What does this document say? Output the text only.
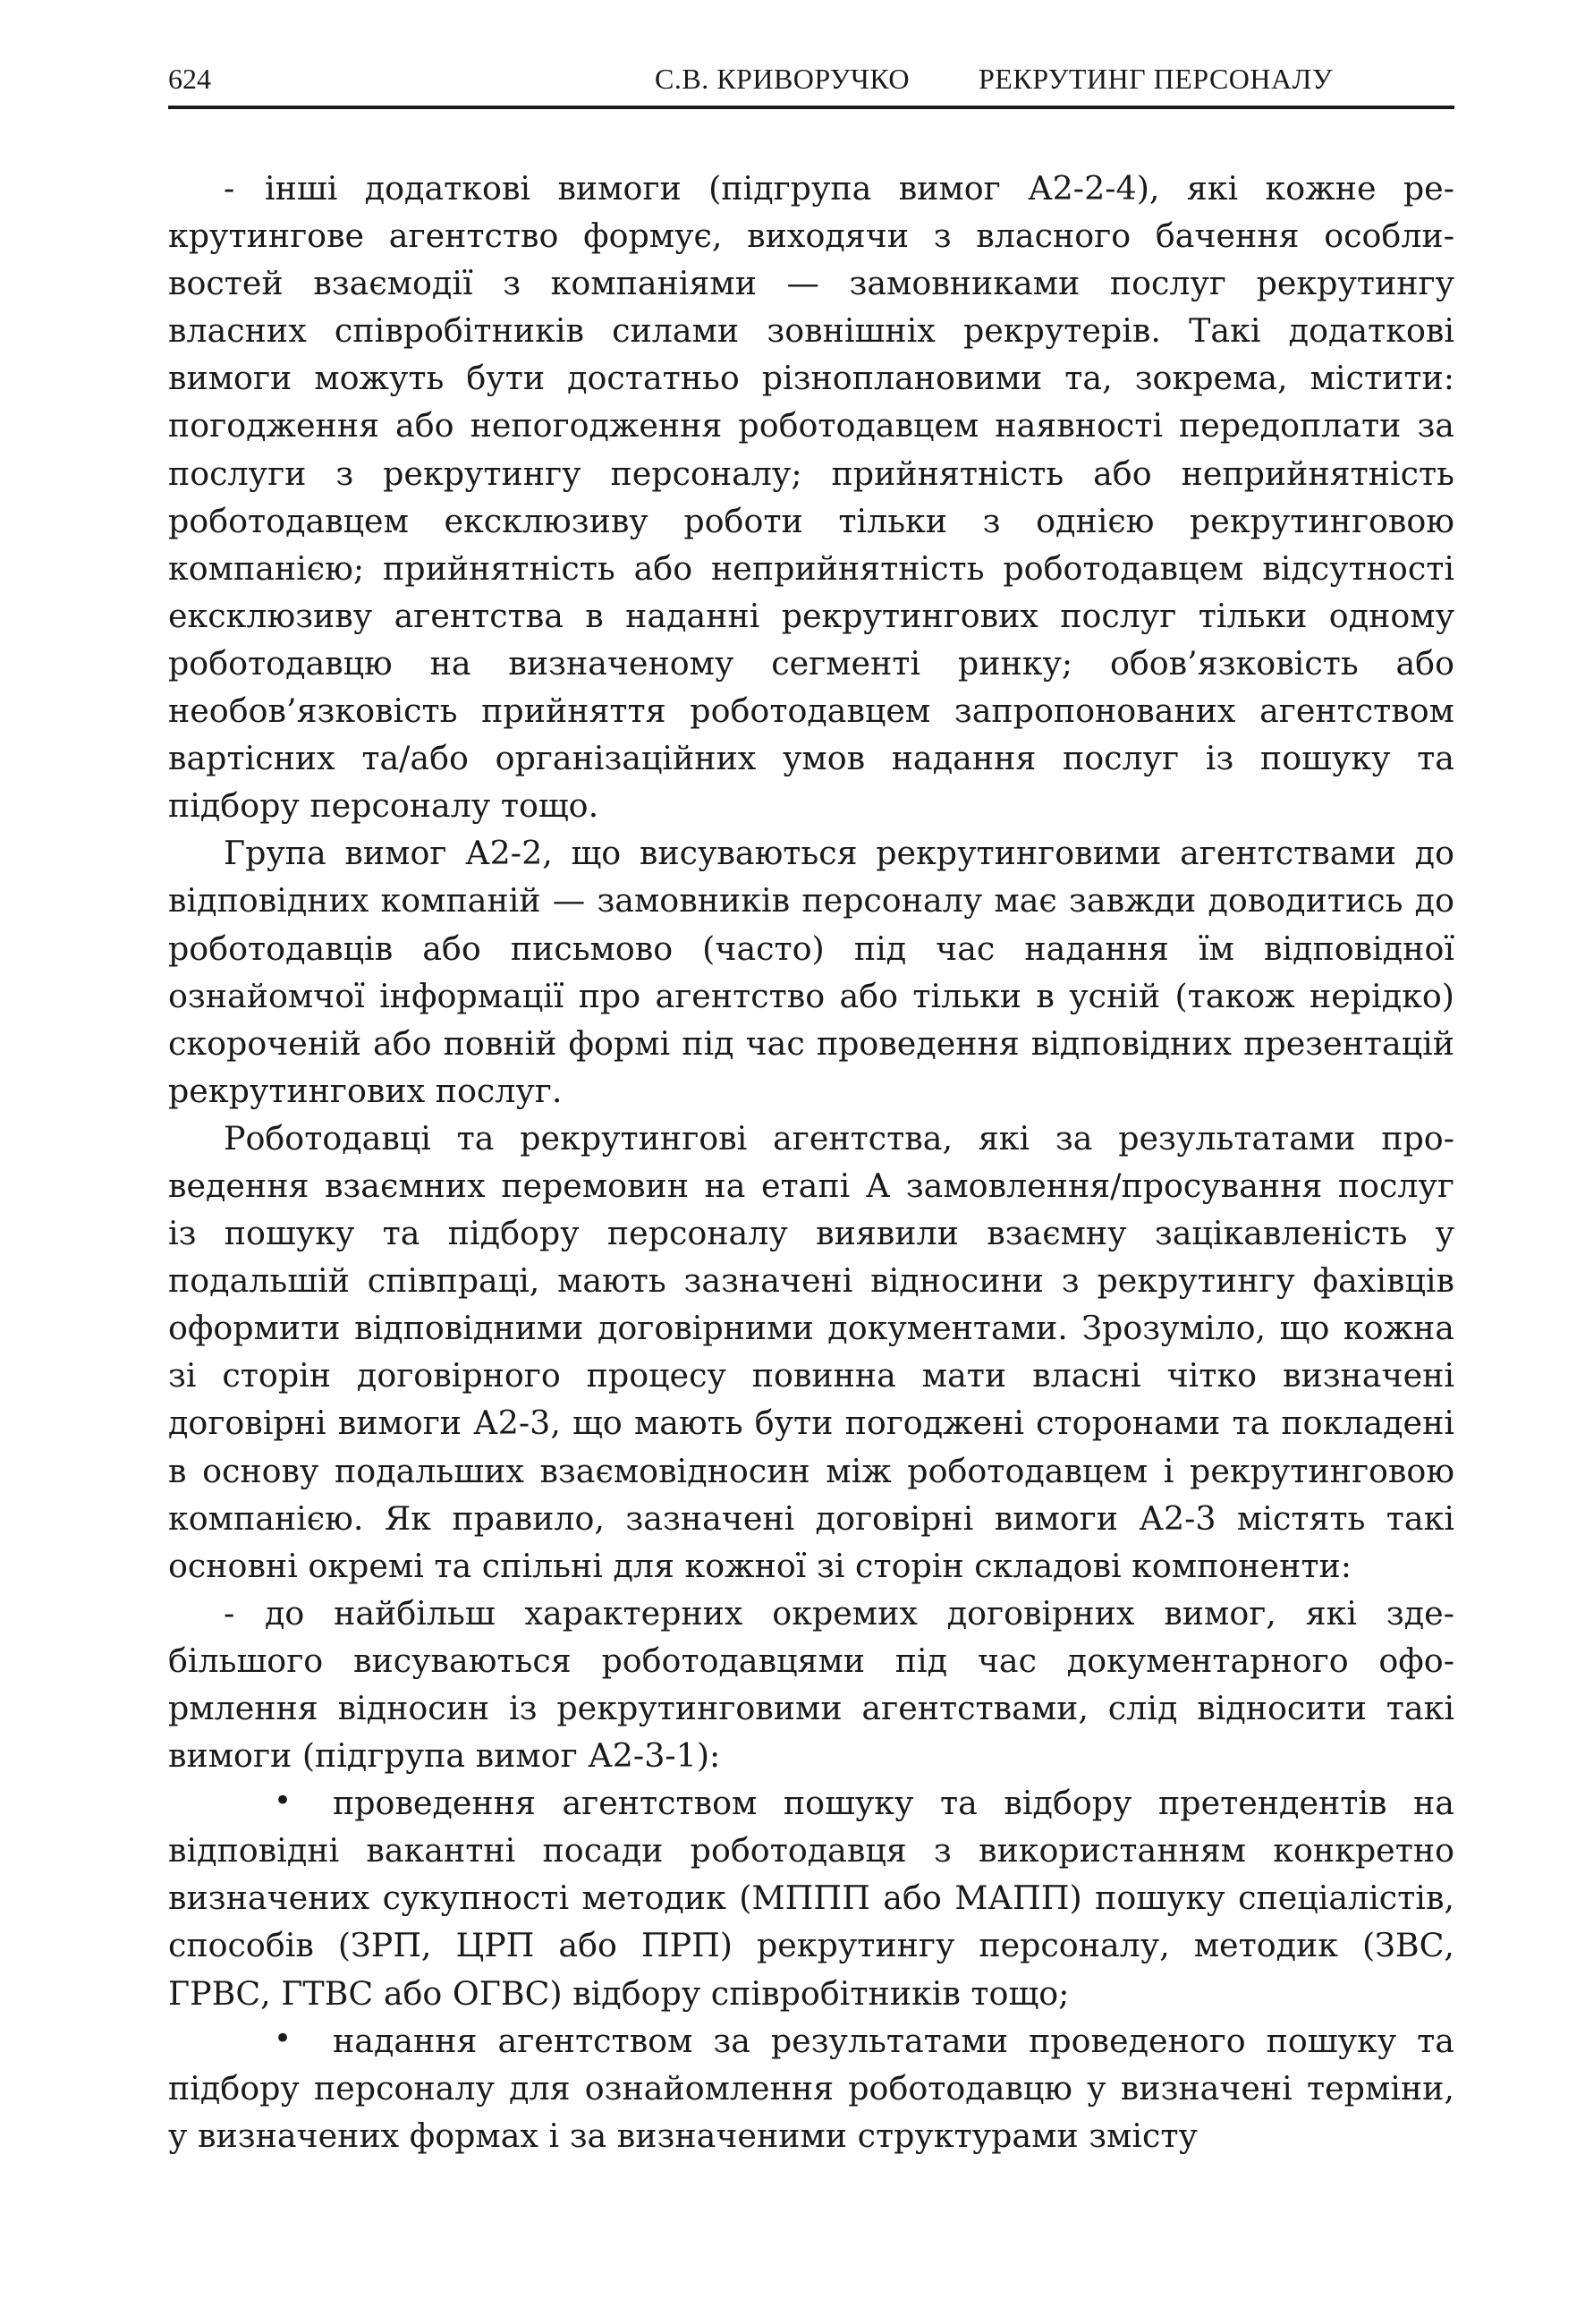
624	С.В. КРИВОРУЧКО РЕКРУТИНГ ПЕРСОНАЛУ

- інші додаткові вимоги (підгрупа вимог А2-2-4), які кожне рекрутингове агентство формує, виходячи з власного бачення особливостей взаємодії з компаніями — замовниками послуг рекрутингу власних співробітників силами зовнішніх рекрутерів. Такі додаткові вимоги можуть бути достатньо різноплановими та, зокрема, містити: погодження або непогодження роботодавцем наявності передоплати за послуги з рекрутингу персоналу; прийнятність або неприйнятність роботодавцем ексклюзиву роботи тільки з однією рекрутинговою компанією; прийнятність або неприйнятність роботодавцем відсутності ексклюзиву агентства в наданні рекрутингових послуг тільки одному роботодавцю на визначеному сегменті ринку; обов’язковість або необов’язковість прийняття роботодавцем запропонованих агентством вартісних та/або організаційних умов надання послуг із пошуку та підбору персоналу тощо.

Група вимог А2-2, що висуваються рекрутинговими агентствами до відповідних компаній — замовників персоналу має завжди доводитись до роботодавців або письмово (часто) під час надання їм відповідної ознайомчої інформації про агентство або тільки в усній (також нерідко) скороченій або повній формі під час проведення відповідних презентацій рекрутингових послуг.

Роботодавці та рекрутингові агентства, які за результатами проведення взаємних перемовин на етапі А замовлення/просування послуг із пошуку та підбору персоналу виявили взаємну зацікавленість у подальшій співпраці, мають зазначені відносини з рекрутингу фахівців оформити відповідними договірними документами. Зрозуміло, що кожна зі сторін договірного процесу повинна мати власні чітко визначені договірні вимоги А2-3, що мають бути погоджені сторонами та покладені в основу подальших взаємовідносин між роботодавцем і рекрутинговою компанією. Як правило, зазначені договірні вимоги А2-3 містять такі основні окремі та спільні для кожної зі сторін складові компоненти:

- до найбільш характерних окремих договірних вимог, які здебільшого висуваються роботодавцями під час документарного оформлення відносин із рекрутинговими агентствами, слід відносити такі вимоги (підгрупа вимог А2-3-1):

• проведення агентством пошуку та відбору претендентів на відповідні вакантні посади роботодавця з використанням конкретно визначених сукупності методик (МППП або МАПП) пошуку спеціалістів, способів (ЗРП, ЦРП або ПРП) рекрутингу персоналу, методик (ЗВС, ГРВС, ГТВС або ОГВС) відбору співробітників тощо;

• надання агентством за результатами проведеного пошуку та підбору персоналу для ознайомлення роботодавцю у визначені терміни, у визначених формах і за визначеними структурами змісту
